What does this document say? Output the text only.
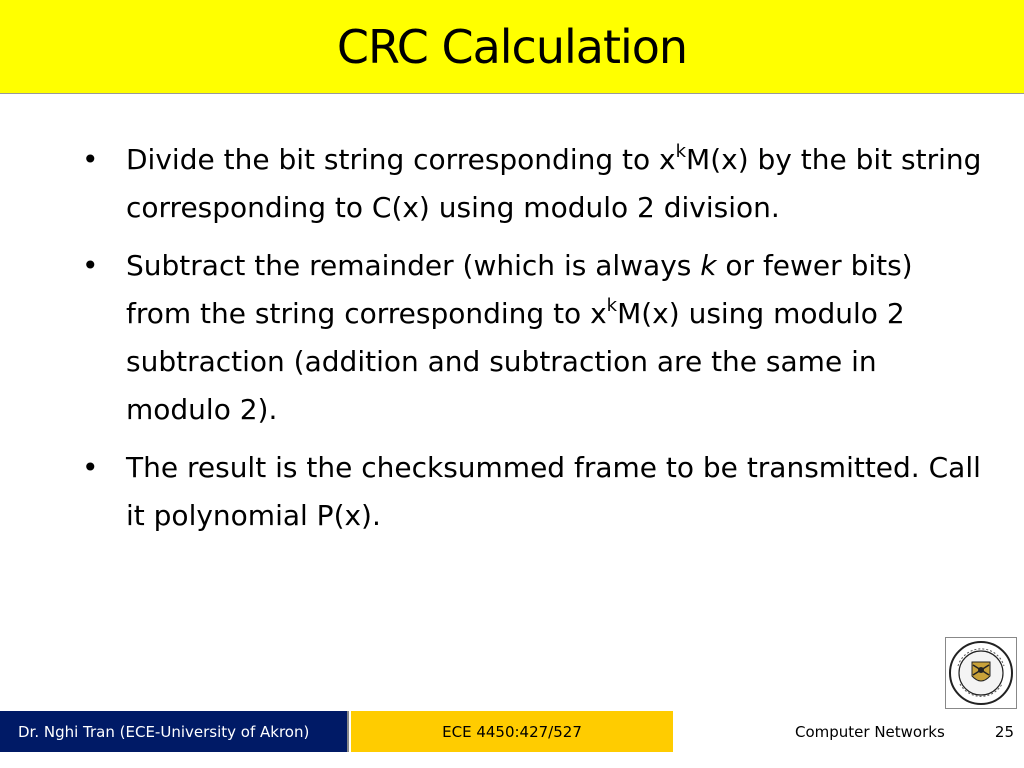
CRC Calculation
• Divide the bit string corresponding to $x^kM(x)$ by the bit string corresponding to C(x) using modulo 2 division.
• Subtract the remainder (which is always k or fewer bits) from the string corresponding to $x^kM(x)$ using modulo 2 subtraction (addition and subtraction are the same in modulo 2).
• The result is the checksummed frame to be transmitted. Call it polynomial P(x).
Dr. Nghi Tran (ECE-University of Akron)	ECE 4450:427/527	Computer Networks	25
